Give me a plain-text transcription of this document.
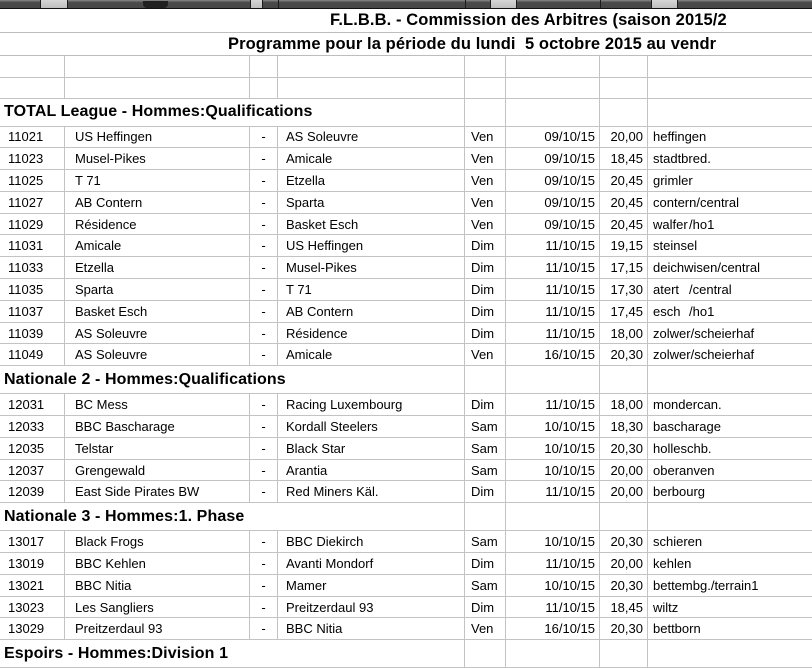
F.L.B.B. - Commission des Arbitres (saison 2015/2
Programme pour la période du lundi  5 octobre 2015 au vendr
TOTAL League - Hommes:Qualifications
11021	US Heffingen	-	AS Soleuvre	Ven	09/10/15	20,00 heffingen
11023	Musel-Pikes	-	Amicale	Ven	09/10/15	18,45 stadtbred.
11025	T 71	-	Etzella	Ven	09/10/15	20,45 grimler
11027	AB Contern	-	Sparta	Ven	09/10/15	20,45 contern /central
11029	Résidence	-	Basket Esch	Ven	09/10/15	20,45 walfer /ho1
11031	Amicale	-	US Heffingen	Dim	11/10/15	19,15 steinsel
11033	Etzella	-	Musel-Pikes	Dim	11/10/15	17,15 deichwisen /central
11035	Sparta	-	T 71	Dim	11/10/15	17,30 atert /central
11037	Basket Esch	-	AB Contern	Dim	11/10/15	17,45 esch /ho1
11039	AS Soleuvre	-	Résidence	Dim	11/10/15	18,00 zolwer /scheierhaf
11049	AS Soleuvre	-	Amicale	Ven	16/10/15	20,30 zolwer /scheierhaf
Nationale 2 - Hommes:Qualifications
12031	BC Mess	-	Racing Luxembourg	Dim	11/10/15	18,00 mondercan.
12033	BBC Bascharage	-	Kordall Steelers	Sam	10/10/15	18,30 bascharage
12035	Telstar	-	Black Star	Sam	10/10/15	20,30 holleschb.
12037	Grengewald	-	Arantia	Sam	10/10/15	20,00 oberanven
12039	East Side Pirates BW	-	Red Miners Käl.	Dim	11/10/15	20,00 berbourg
Nationale 3 - Hommes:1. Phase
13017	Black Frogs	-	BBC Diekirch	Sam	10/10/15	20,30 schieren
13019	BBC Kehlen	-	Avanti Mondorf	Dim	11/10/15	20,00 kehlen
13021	BBC Nitia	-	Mamer	Sam	10/10/15	20,30 bettembg. /terrain1
13023	Les Sangliers	-	Preitzerdaul 93	Dim	11/10/15	18,45 wiltz
13029	Preitzerdaul 93	-	BBC Nitia	Ven	16/10/15	20,30 bettborn
Espoirs - Hommes:Division 1
